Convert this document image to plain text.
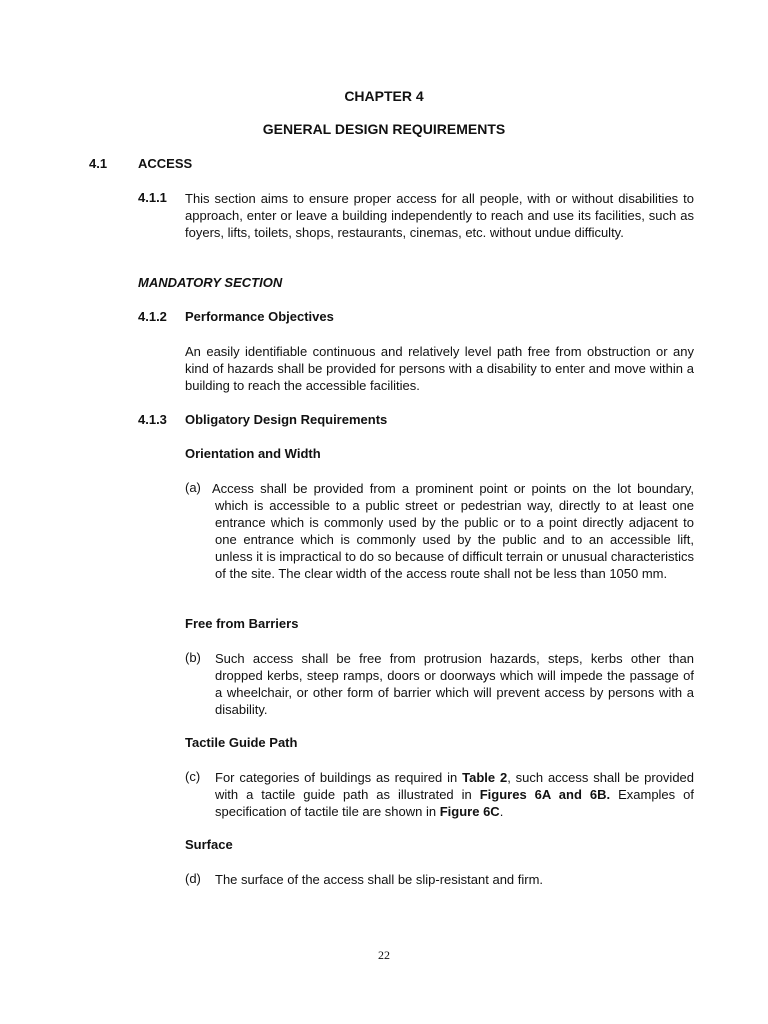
CHAPTER 4
GENERAL DESIGN REQUIREMENTS
4.1 ACCESS
4.1.1 This section aims to ensure proper access for all people, with or without disabilities to approach, enter or leave a building independently to reach and use its facilities, such as foyers, lifts, toilets, shops, restaurants, cinemas, etc. without undue difficulty.
MANDATORY SECTION
4.1.2 Performance Objectives
An easily identifiable continuous and relatively level path free from obstruction or any kind of hazards shall be provided for persons with a disability to enter and move within a building to reach the accessible facilities.
4.1.3 Obligatory Design Requirements
Orientation and Width
(a) Access shall be provided from a prominent point or points on the lot boundary, which is accessible to a public street or pedestrian way, directly to at least one entrance which is commonly used by the public or to a point directly adjacent to one entrance which is commonly used by the public and to an accessible lift, unless it is impractical to do so because of difficult terrain or unusual characteristics of the site. The clear width of the access route shall not be less than 1050 mm.
Free from Barriers
(b) Such access shall be free from protrusion hazards, steps, kerbs other than dropped kerbs, steep ramps, doors or doorways which will impede the passage of a wheelchair, or other form of barrier which will prevent access by persons with a disability.
Tactile Guide Path
(c) For categories of buildings as required in Table 2, such access shall be provided with a tactile guide path as illustrated in Figures 6A and 6B. Examples of specification of tactile tile are shown in Figure 6C.
Surface
(d) The surface of the access shall be slip-resistant and firm.
22
